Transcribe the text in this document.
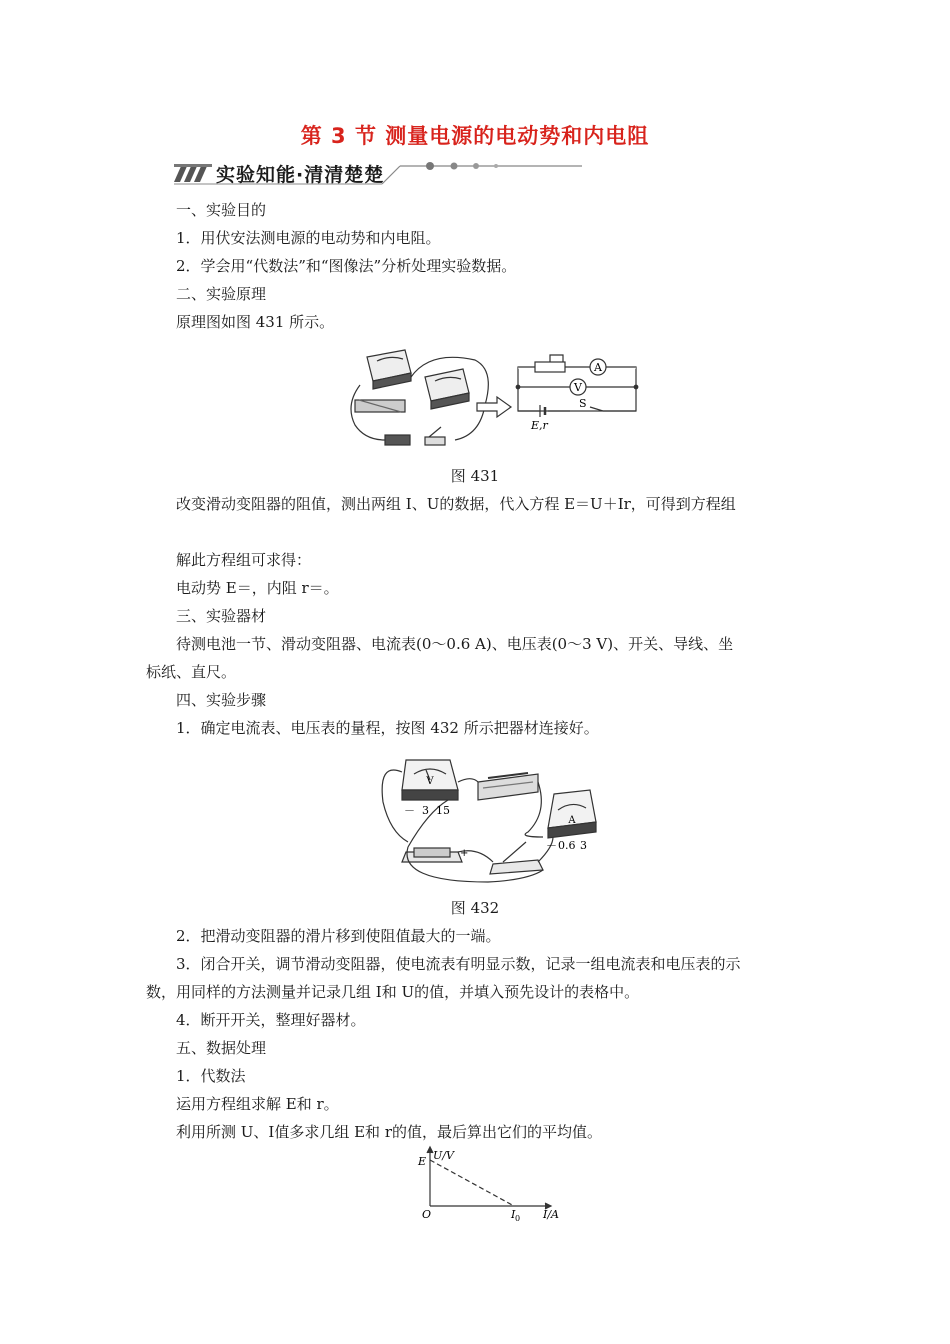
第 3 节 测量电源的电动势和内电阻
实验知能·清清楚楚
一、实验目的
1．用伏安法测电源的电动势和内电阻。
2．学会用“代数法”和“图像法”分析处理实验数据。
二、实验原理
原理图如图 431 所示。
A
V
E,r
S
图 431
改变滑动变阻器的阻值，测出两组 I、U的数据，代入方程 E＝U＋Ir，可得到方程组
解此方程组可求得：
电动势 E＝，内阻 r＝。
三、实验器材
待测电池一节、滑动变阻器、电流表(0～0.6 A)、电压表(0～3 V)、开关、导线、坐
标纸、直尺。
四、实验步骤
1．确定电流表、电压表的量程，按图 432 所示把器材连接好。
V
A
－ 3 15
－ 0.6 3
+
图 432
2．把滑动变阻器的滑片移到使阻值最大的一端。
3．闭合开关，调节滑动变阻器，使电流表有明显示数，记录一组电流表和电压表的示
数，用同样的方法测量并记录几组 I和 U的值，并填入预先设计的表格中。
4．断开开关，整理好器材。
五、数据处理
1．代数法
运用方程组求解 E和 r。
利用所测 U、I值多求几组 E和 r的值，最后算出它们的平均值。
U/V
E
O	I 0 I/A
